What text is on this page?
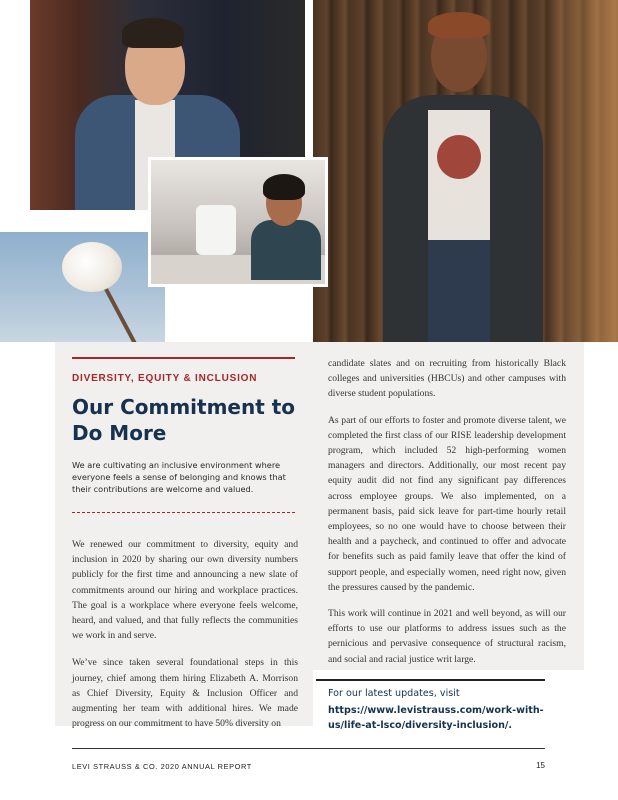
DIVERSITY, EQUITY & INCLUSION
Our Commitment to Do More

We are cultivating an inclusive environment where everyone feels a sense of belonging and knows that their contributions are welcome and valued.

We renewed our commitment to diversity, equity and inclusion in 2020 by sharing our own diversity numbers publicly for the first time and announcing a new slate of commitments around our hiring and workplace practices. The goal is a workplace where everyone feels welcome, heard, and valued, and that fully reflects the communities we work in and serve.

We’ve since taken several foundational steps in this journey, chief among them hiring Elizabeth A. Morrison as Chief Diversity, Equity & Inclusion Officer and augmenting her team with additional hires. We made progress on our commitment to have 50% diversity on

candidate slates and on recruiting from historically Black colleges and universities (HBCUs) and other campuses with diverse student populations.

As part of our efforts to foster and promote diverse talent, we completed the first class of our RISE leadership development program, which included 52 high-performing women managers and directors. Additionally, our most recent pay equity audit did not find any significant pay differences across employee groups. We also implemented, on a permanent basis, paid sick leave for part-time hourly retail employees, so no one would have to choose between their health and a paycheck, and continued to offer and advocate for benefits such as paid family leave that offer the kind of support people, and especially women, need right now, given the pressures caused by the pandemic.

This work will continue in 2021 and well beyond, as will our efforts to use our platforms to address issues such as the pernicious and pervasive consequence of structural racism, and social and racial justice writ large.

For our latest updates, visit
https://www.levistrauss.com/work-with-us/life-at-lsco/diversity-inclusion/.
LEVI STRAUSS & CO. 2020 ANNUAL REPORT	15
